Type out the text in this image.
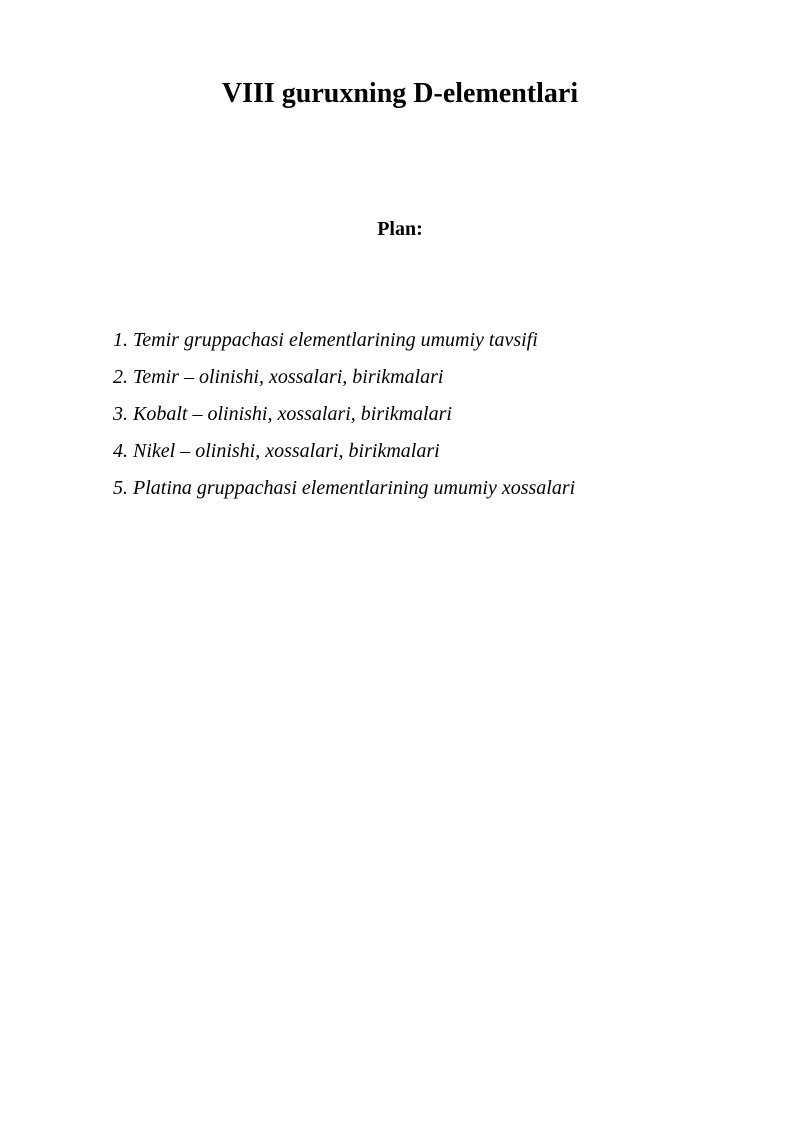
VIII guruxning D-elementlari
Plan:
1. Temir gruppachasi elementlarining umumiy tavsifi
2. Temir – olinishi, xossalari, birikmalari
3. Kobalt – olinishi, xossalari, birikmalari
4. Nikel – olinishi, xossalari, birikmalari
5. Platina gruppachasi elementlarining umumiy xossalari
